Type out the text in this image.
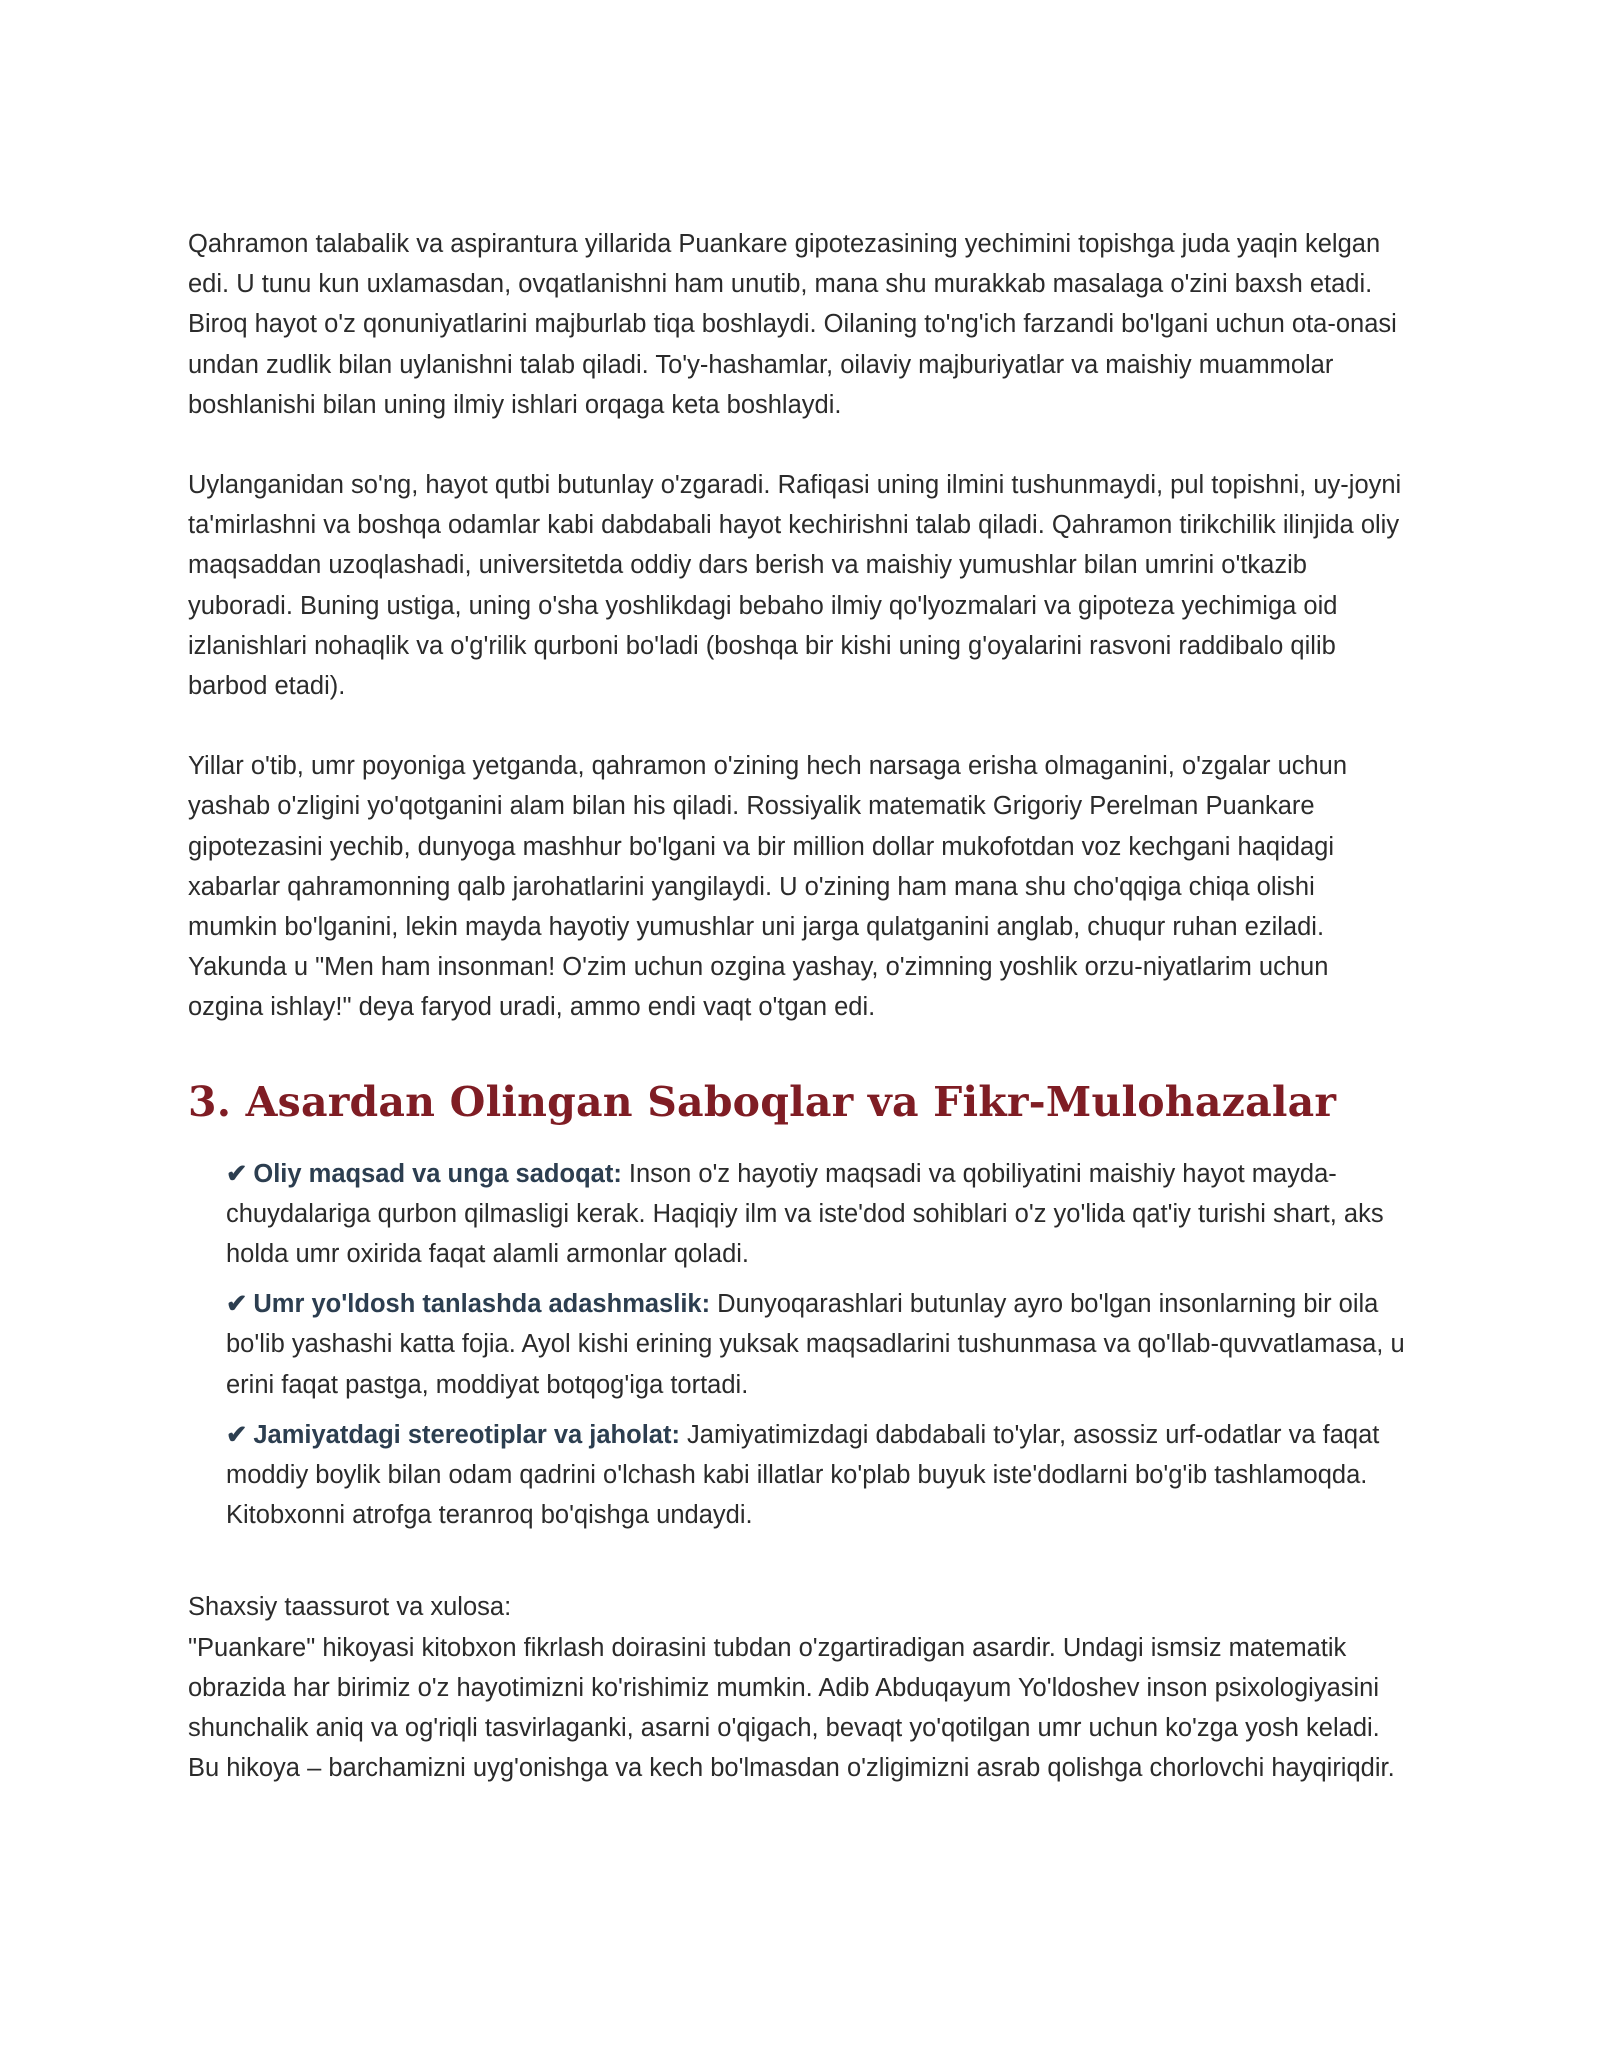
Qahramon talabalik va aspirantura yillarida Puankare gipotezasining yechimini topishga juda yaqin kelgan edi. U tunu kun uxlamasdan, ovqatlanishni ham unutib, mana shu murakkab masalaga o'zini baxsh etadi. Biroq hayot o'z qonuniyatlarini majburlab tiqa boshlaydi. Oilaning to'ng'ich farzandi bo'lgani uchun ota-onasi undan zudlik bilan uylanishni talab qiladi. To'y-hashamlar, oilaviy majburiyatlar va maishiy muammolar boshlanishi bilan uning ilmiy ishlari orqaga keta boshlaydi.

Uylanganidan so'ng, hayot qutbi butunlay o'zgaradi. Rafiqasi uning ilmini tushunmaydi, pul topishni, uy-joyni ta'mirlashni va boshqa odamlar kabi dabdabali hayot kechirishni talab qiladi. Qahramon tirikchilik ilinjida oliy maqsaddan uzoqlashadi, universitetda oddiy dars berish va maishiy yumushlar bilan umrini o'tkazib yuboradi. Buning ustiga, uning o'sha yoshlikdagi bebaho ilmiy qo'lyozmalari va gipoteza yechimiga oid izlanishlari nohaqlik va o'g'rilik qurboni bo'ladi (boshqa bir kishi uning g'oyalarini rasvoni raddibalo qilib barbod etadi).

Yillar o'tib, umr poyoniga yetganda, qahramon o'zining hech narsaga erisha olmaganini, o'zgalar uchun yashab o'zligini yo'qotganini alam bilan his qiladi. Rossiyalik matematik Grigoriy Perelman Puankare gipotezasini yechib, dunyoga mashhur bo'lgani va bir million dollar mukofotdan voz kechgani haqidagi xabarlar qahramonning qalb jarohatlarini yangilaydi. U o'zining ham mana shu cho'qqiga chiqa olishi mumkin bo'lganini, lekin mayda hayotiy yumushlar uni jarga qulatganini anglab, chuqur ruhan eziladi. Yakunda u "Men ham insonman! O'zim uchun ozgina yashay, o'zimning yoshlik orzu-niyatlarim uchun ozgina ishlay!" deya faryod uradi, ammo endi vaqt o'tgan edi.

3. Asardan Olingan Saboqlar va Fikr-Mulohazalar
✔ Oliy maqsad va unga sadoqat: Inson o'z hayotiy maqsadi va qobiliyatini maishiy hayot mayda-chuydalariga qurbon qilmasligi kerak. Haqiqiy ilm va iste'dod sohiblari o'z yo'lida qat'iy turishi shart, aks holda umr oxirida faqat alamli armonlar qoladi.
✔ Umr yo'ldosh tanlashda adashmaslik: Dunyoqarashlari butunlay ayro bo'lgan insonlarning bir oila bo'lib yashashi katta fojia. Ayol kishi erining yuksak maqsadlarini tushunmasa va qo'llab-quvvatlamasa, u erini faqat pastga, moddiyat botqog'iga tortadi.
✔ Jamiyatdagi stereotiplar va jaholat: Jamiyatimizdagi dabdabali to'ylar, asossiz urf-odatlar va faqat moddiy boylik bilan odam qadrini o'lchash kabi illatlar ko'plab buyuk iste'dodlarni bo'g'ib tashlamoqda. Kitobxonni atrofga teranroq bo'qishga undaydi.
Shaxsiy taassurot va xulosa:

"Puankare" hikoyasi kitobxon fikrlash doirasini tubdan o'zgartiradigan asardir. Undagi ismsiz matematik obrazida har birimiz o'z hayotimizni ko'rishimiz mumkin. Adib Abduqayum Yo'ldoshev inson psixologiyasini shunchalik aniq va og'riqli tasvirlaganki, asarni o'qigach, bevaqt yo'qotilgan umr uchun ko'zga yosh keladi. Bu hikoya – barchamizni uyg'onishga va kech bo'lmasdan o'zligimizni asrab qolishga chorlovchi hayqiriqdir.
